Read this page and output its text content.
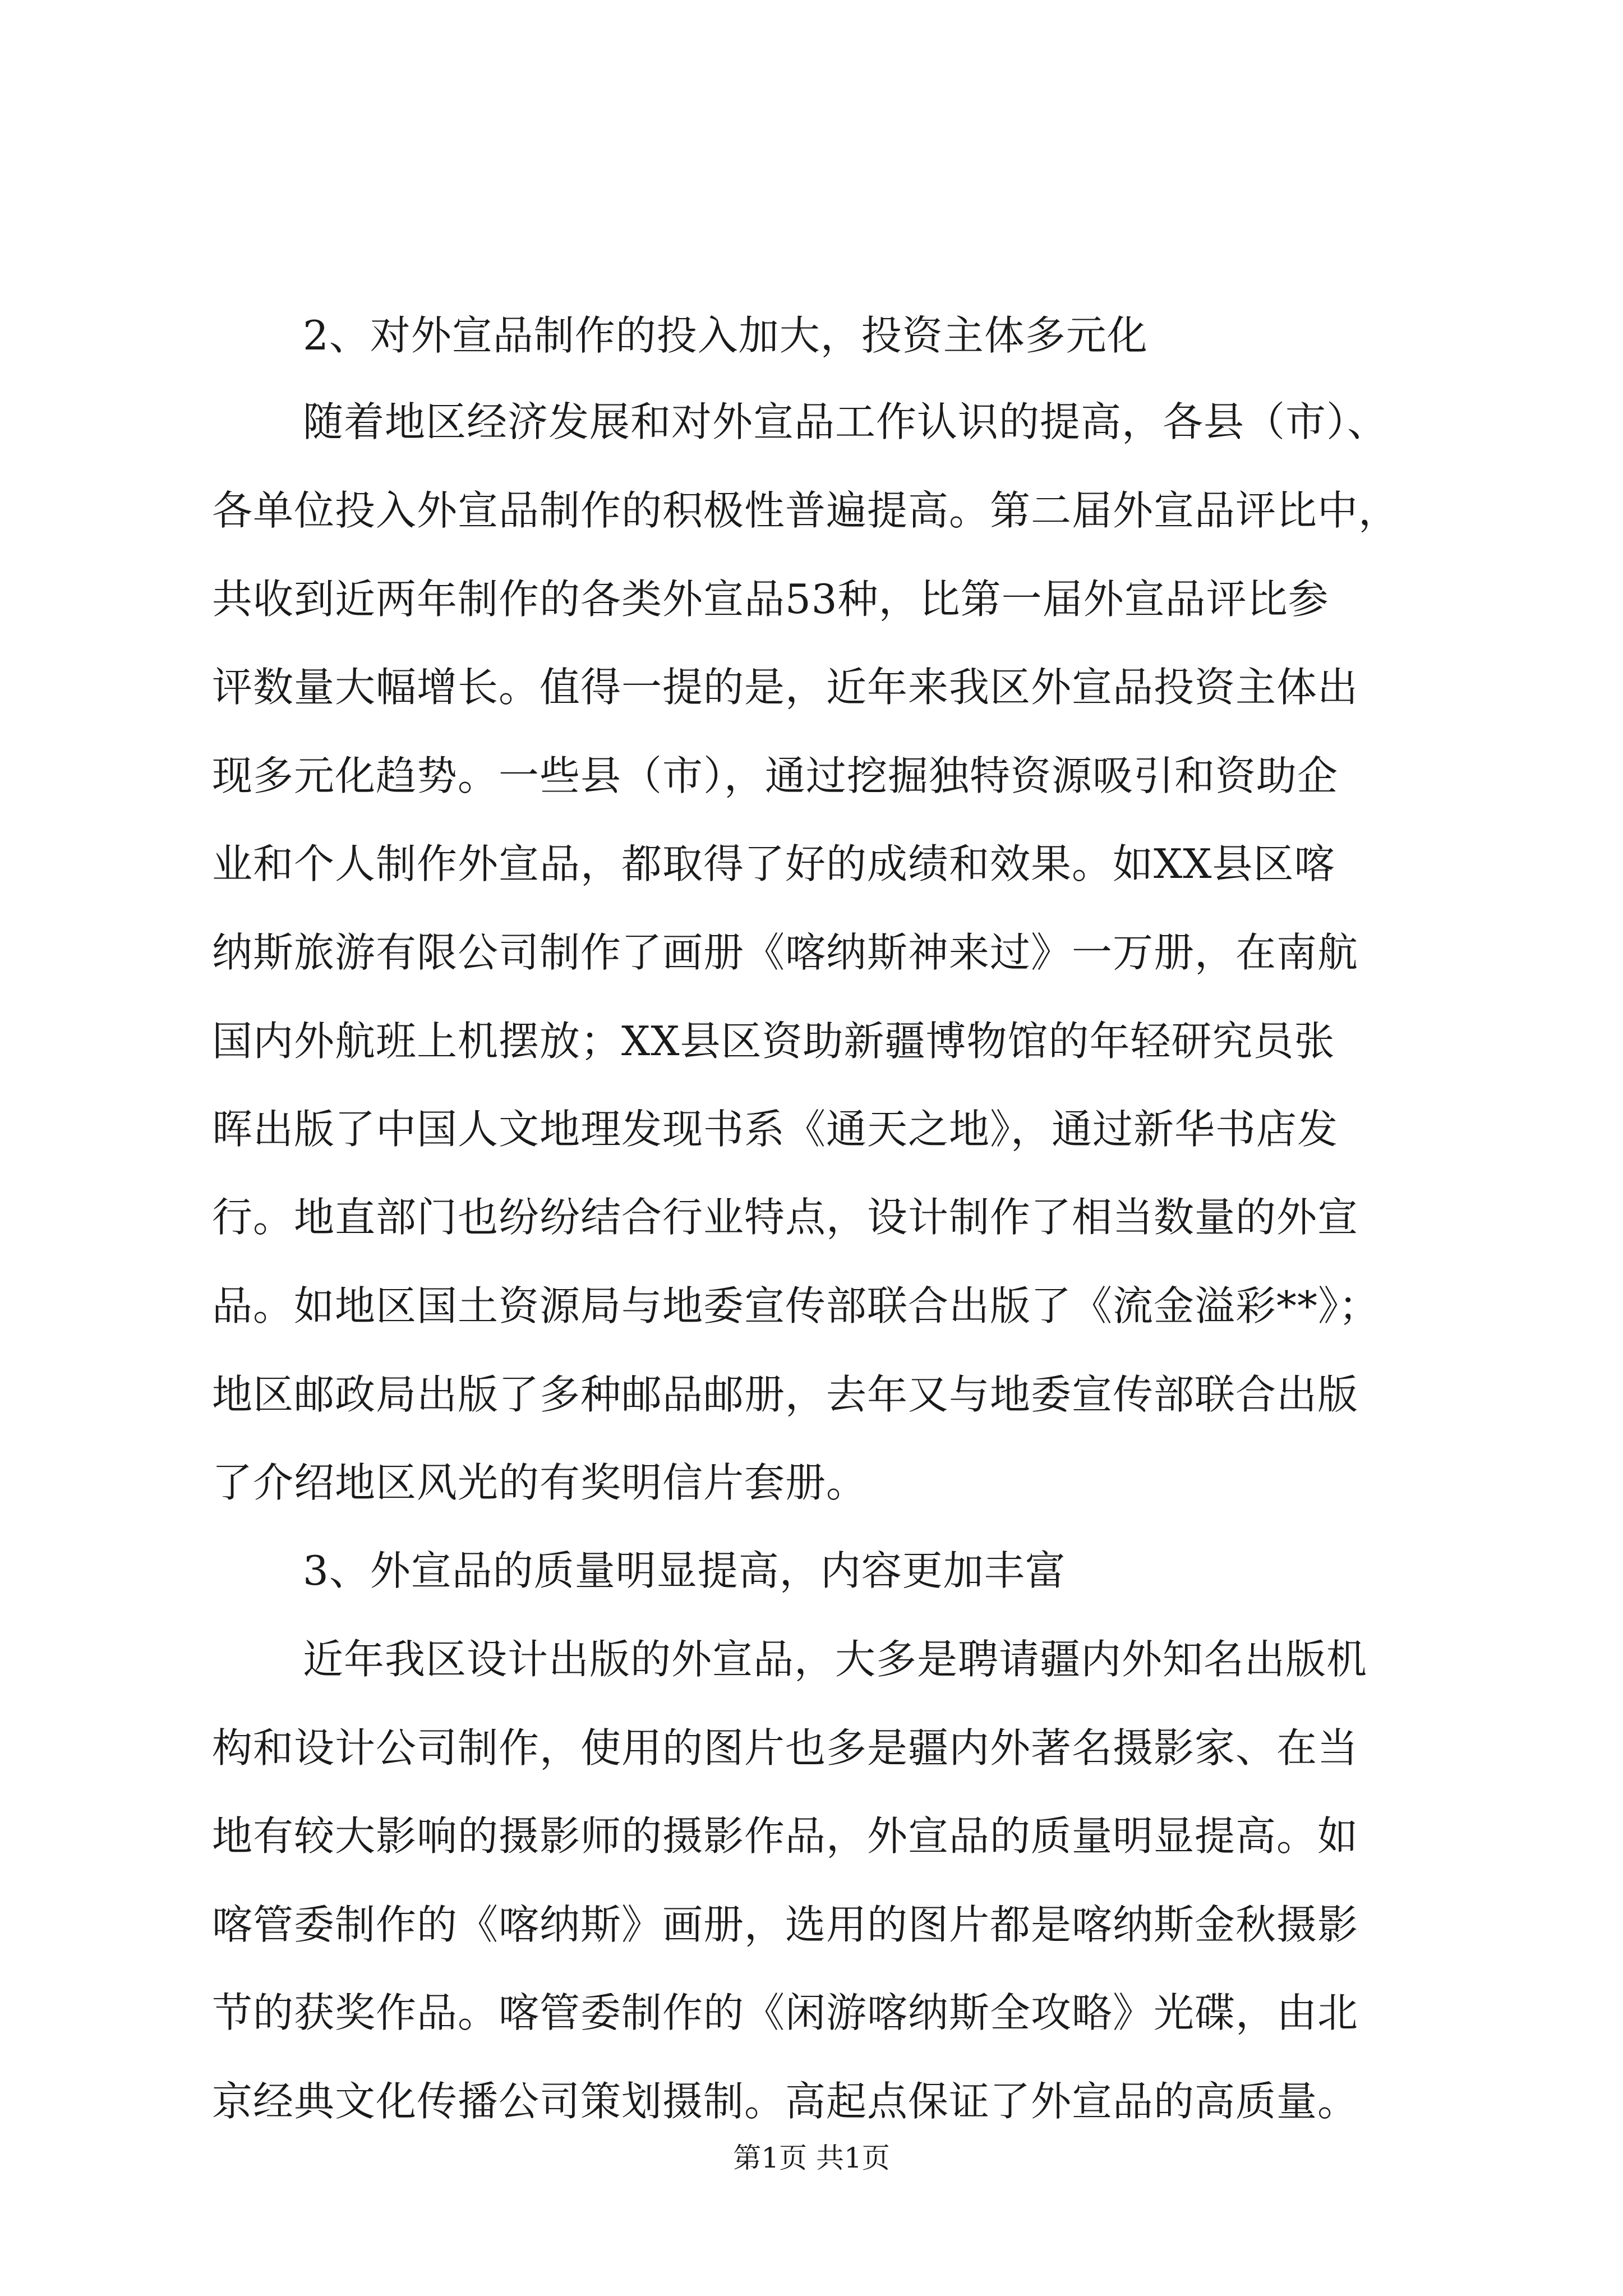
2、对外宣品制作的投入加大，投资主体多元化
随着地区经济发展和对外宣品工作认识的提高，各县（市）、
各单位投入外宣品制作的积极性普遍提高。第二届外宣品评比中，
共收到近两年制作的各类外宣品53种，比第一届外宣品评比参
评数量大幅增长。值得一提的是，近年来我区外宣品投资主体出
现多元化趋势。一些县（市），通过挖掘独特资源吸引和资助企
业和个人制作外宣品，都取得了好的成绩和效果。如XX县区喀
纳斯旅游有限公司制作了画册《喀纳斯神来过》一万册，在南航
国内外航班上机摆放；XX县区资助新疆博物馆的年轻研究员张
晖出版了中国人文地理发现书系《通天之地》，通过新华书店发
行。地直部门也纷纷结合行业特点，设计制作了相当数量的外宣
品。如地区国土资源局与地委宣传部联合出版了《流金溢彩**》；
地区邮政局出版了多种邮品邮册，去年又与地委宣传部联合出版
了介绍地区风光的有奖明信片套册。
3、外宣品的质量明显提高，内容更加丰富
近年我区设计出版的外宣品，大多是聘请疆内外知名出版机
构和设计公司制作，使用的图片也多是疆内外著名摄影家、在当
地有较大影响的摄影师的摄影作品，外宣品的质量明显提高。如
喀管委制作的《喀纳斯》画册，选用的图片都是喀纳斯金秋摄影
节的获奖作品。喀管委制作的《闲游喀纳斯全攻略》光碟，由北
京经典文化传播公司策划摄制。高起点保证了外宣品的高质量。
第1页 共1页
